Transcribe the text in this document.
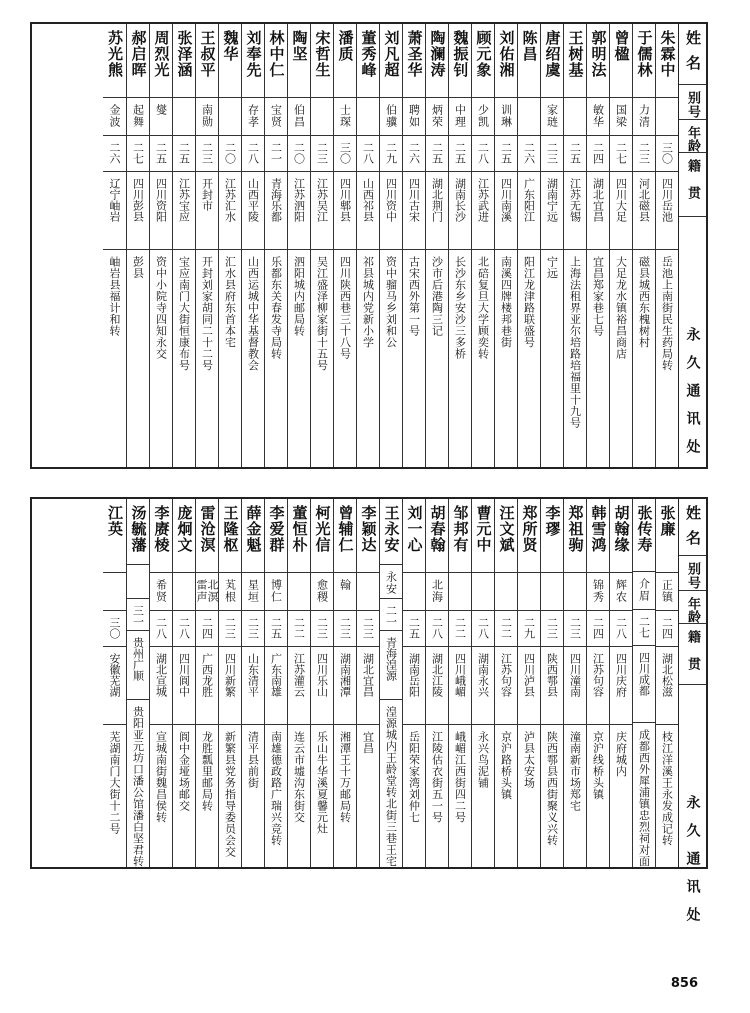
姓名
别号
年龄
籍贯
永久通讯处
朱霖中
三〇
四川岳池
岳池上南街民生药局转
于儒林
力清
二三
河北磁县
磁县城西东槐树村
曾楹
国梁
二七
四川大足
大足龙水镇裕昌商店
郭明法
敏华
二四
湖北宜昌
宜昌郑家巷七号
王树基
二五
江苏无锡
上海法租界亚尔培路培福里十九号
唐绍虞
家琏
二三
湖南宁远
宁远
陈昌
二六
广东阳江
阳江龙津路联盛号
刘佑湘
训琳
二五
四川南溪
南溪四牌楼邦巷街
顾元象
少凯
二八
江苏武进
北碚复旦大学顾奕转
魏振钊
中理
二五
湖南长沙
长沙东乡安沙三多桥
陶澜涛
炳荣
二五
湖北荆门
沙市后港陶三记
萧圣华
聘如
二六
四川古宋
古宋西外第一号
刘凡超
伯骥
二九
四川资中
资中骝马乡刘和公
董秀峰
二八
山西祁县
祁县城内党新小学
潘质
士琛
三〇
四川郫县
四川陕西巷三十八号
宋哲生
二三
江苏吴江
吴江盛泽柳家街十五号
陶坚
伯昌
二〇
江苏泗阳
泗阳城内邮局转
林中仁
宝贤
二一
青海乐都
乐都东关春发寺局转
刘奉先
存孝
二八
山西平陵
山西运城中华基督教会
魏华
二〇
江苏汇水
汇水县府东首本宅
王叔平
南勋
二三
开封市
开封刘家胡同二十二号
张泽涵
二五
江苏宝应
宝应南门大街恒康布号
周烈光
燮
二五
四川资阳
资中小院寺四知永交
郝启晖
起舞
二七
四川彭县
彭县
苏光熊
金波
二六
辽宁岫岩
岫岩县福计和转
姓名
别号
年龄
籍贯
永久通讯处
张廉
正镇
二四
湖北松滋
枝江洋溪王永发成记转
张传寿
介眉
二七
四川成都
成都西外犀浦镇忠烈祠对面
胡翰缘
辉农
二八
四川庆府
庆府城内
韩雪鸿
锦秀
二四
江苏句容
京沪线桥头镇
郑祖驹
二三
四川潼南
潼南新市场郑宅
李璆
二三
陕西鄠县
陕西鄠县西街聚义兴转
郑所贤
二九
四川泸县
泸县太安场
汪文斌
二二
江苏句容
京沪路桥头镇
曹元中
二八
湖南永兴
永兴鸟泥铺
邹邦有
二二
四川峨嵋
峨嵋江西街四二号
胡春翰
北海
二八
湖北江陵
江陵估衣街五一号
刘一心
二五
湖南岳阳
岳阳荣家湾刘仲七
王永安
永安
二一
青海湟源
湟源城内王龄堂转北街三巷王宅
李颖达
二三
湖北宜昌
宜昌
曾辅仁
翰
二三
湖南湘潭
湘潭王十万邮局转
柯光信
愈稷
二三
四川乐山
乐山牛华溪夏馨元灶
董恒朴
二二
江苏灌云
连云市墟沟东街交
李爱群
博仁
二五
广东南雄
南雄德政路广瑞兴竞转
薛金魁
星垣
二三
山东清平
清平县前街
王隆枢
芄根
二三
四川新繁
新繁县党务指导委员会交
雷沧溟
北溟 雷声
二四
广西龙胜
龙胜瓢里邮局转
庞炯文
二八
四川阆中
阆中金垭场邮交
李赓棱
希贤
二八
湖北宣城
宣城南街魏昌侯转
汤毓藩
三一
贵州广顺
贵阳亚元坊口潘公馆潘白坚君转
江英
三〇
安徽芜湖
芜湖南门大街十二号
856
